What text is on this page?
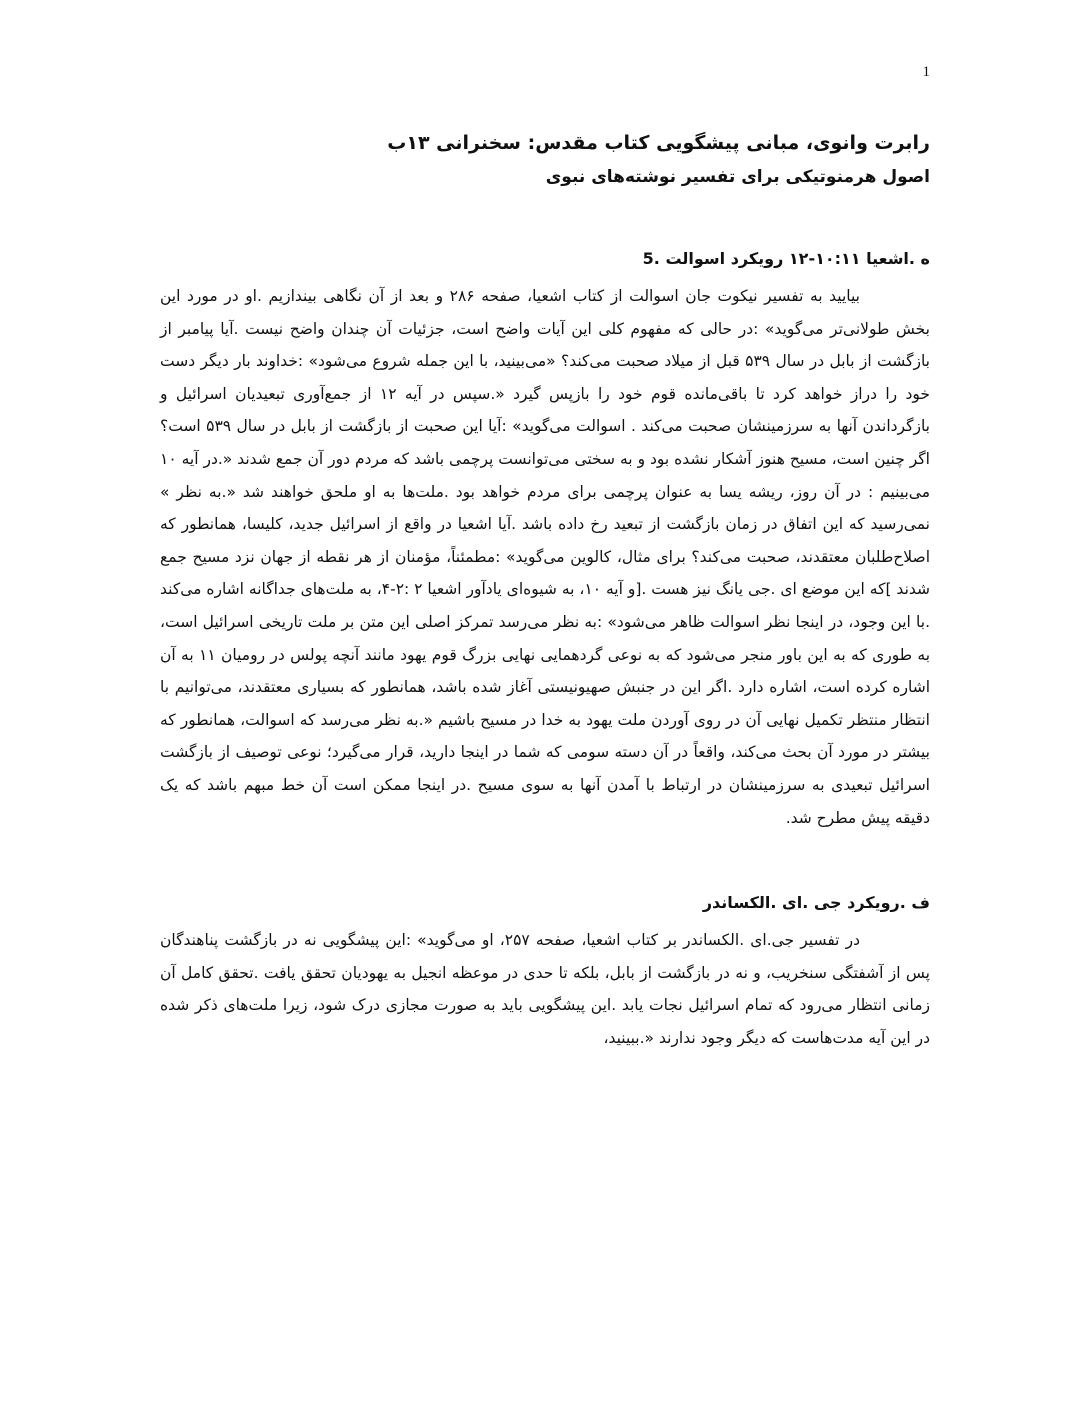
1
رابرت وانوی، مبانی پیشگویی کتاب مقدس: سخنرانی ۱۳ب
اصول هرمنوتیکی برای تفسیر نوشته‌های نبوی
ه .اشعیا ۱۰:۱۱-۱۲ رویکرد اسوالت .5

بیایید به تفسیر نیکوت جان اسوالت از کتاب اشعیا، صفحه ۲۸۶ و بعد از آن نگاهی بیندازیم .او در مورد این بخش طولانی‌تر می‌گوید» :در حالی که مفهوم کلی این آیات واضح است، جزئیات آن چندان واضح نیست .آیا پیامبر از بازگشت از بابل در سال ۵۳۹ قبل از میلاد صحبت می‌کند؟ «می‌بینید، با این جمله شروع می‌شود» :خداوند بار دیگر دست خود را دراز خواهد کرد تا باقی‌مانده قوم خود را بازپس گیرد «.سپس در آیه ۱۲ از جمع‌آوری تبعیدیان اسرائیل و بازگرداندن آنها به سرزمینشان صحبت می‌کند . اسوالت می‌گوید» :آیا این صحبت از بازگشت از بابل در سال ۵۳۹ است؟ اگر چنین است، مسیح هنوز آشکار نشده بود و به سختی می‌توانست پرچمی باشد که مردم دور آن جمع شدند «.در آیه ۱۰ می‌بینیم : در آن روز، ریشه یسا به عنوان پرچمی برای مردم خواهد بود .ملت‌ها به او ملحق خواهند شد «.به نظر » نمی‌رسید که این اتفاق در زمان بازگشت از تبعید رخ داده باشد .آیا اشعیا در واقع از اسرائیل جدید، کلیسا، همانطور که اصلاح‌طلبان معتقدند، صحبت می‌کند؟ برای مثال، کالوین می‌گوید» :مطمئناً، مؤمنان از هر نقطه از جهان نزد مسیح جمع شدند ]که این موضع ای .جی یانگ نیز هست .[و آیه ۱۰، به شیوه‌ای یادآور اشعیا ۲ :۲-۴، به ملت‌های جداگانه اشاره می‌کند .با این وجود، در اینجا نظر اسوالت ظاهر می‌شود» :به نظر می‌رسد تمرکز اصلی این متن بر ملت تاریخی اسرائیل است، به طوری که به این باور منجر می‌شود که به نوعی گردهمایی نهایی بزرگ قوم یهود مانند آنچه پولس در رومیان ۱۱ به آن اشاره کرده است، اشاره دارد .اگر این در جنبش صهیونیستی آغاز شده باشد، همانطور که بسیاری معتقدند، می‌توانیم با انتظار منتظر تکمیل نهایی آن در روی آوردن ملت یهود به خدا در مسیح باشیم «.به نظر می‌رسد که اسوالت، همانطور که بیشتر در مورد آن بحث می‌کند، واقعاً در آن دسته سومی که شما در اینجا دارید، قرار می‌گیرد؛ نوعی توصیف از بازگشت اسرائیل تبعیدی به سرزمینشان در ارتباط با آمدن آنها به سوی مسیح .در اینجا ممکن است آن خط مبهم باشد که یک دقیقه پیش مطرح شد.

ف .رویکرد جی .ای .الکساندر

در تفسیر جی.ای .الکساندر بر کتاب اشعیا، صفحه ۲۵۷، او می‌گوید» :این پیشگویی نه در بازگشت پناهندگان پس از آشفتگی سنخریب، و نه در بازگشت از بابل، بلکه تا حدی در موعظه انجیل به یهودیان تحقق یافت .تحقق کامل آن زمانی انتظار می‌رود که تمام اسرائیل نجات یابد .این پیشگویی باید به صورت مجازی درک شود، زیرا ملت‌های ذکر شده در این آیه مدت‌هاست که دیگر وجود ندارند «.ببینید،
